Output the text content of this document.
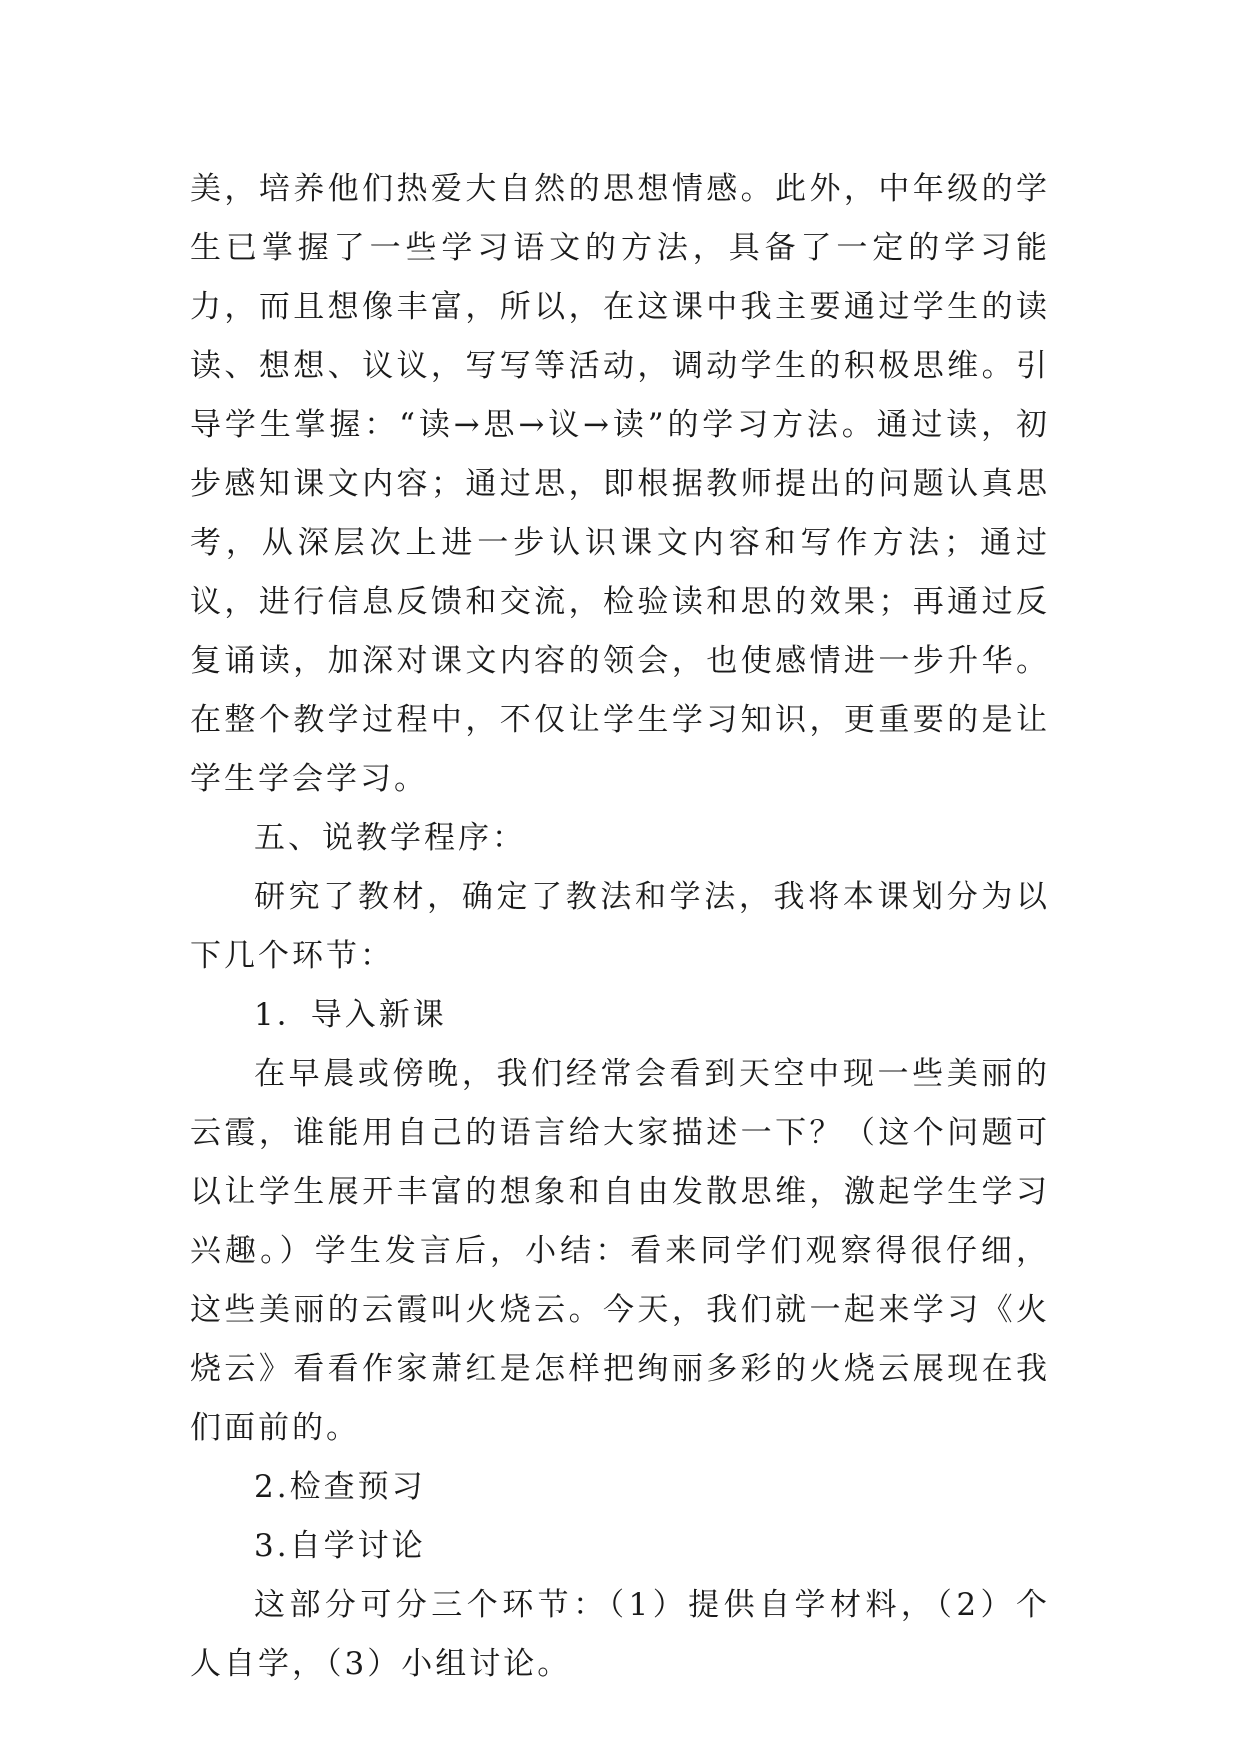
美，培养他们热爱大自然的思想情感。此外，中年级的学生已掌握了一些学习语文的方法，具备了一定的学习能力，而且想像丰富，所以，在这课中我主要通过学生的读读、想想、议议，写写等活动，调动学生的积极思维。引导学生掌握：“读→思→议→读”的学习方法。通过读，初步感知课文内容；通过思，即根据教师提出的问题认真思考，从深层次上进一步认识课文内容和写作方法；通过议，进行信息反馈和交流，检验读和思的效果；再通过反复诵读，加深对课文内容的领会，也使感情进一步升华。在整个教学过程中，不仅让学生学习知识，更重要的是让学生学会学习。

五、说教学程序：

研究了教材，确定了教法和学法，我将本课划分为以下几个环节：

1．导入新课

在早晨或傍晚，我们经常会看到天空中现一些美丽的云霞，谁能用自己的语言给大家描述一下？（这个问题可以让学生展开丰富的想象和自由发散思维，激起学生学习兴趣。）学生发言后，小结：看来同学们观察得很仔细，这些美丽的云霞叫火烧云。今天，我们就一起来学习《火烧云》看看作家萧红是怎样把绚丽多彩的火烧云展现在我们面前的。

2.检查预习

3.自学讨论

这部分可分三个环节：（1）提供自学材料，（2）个人自学，（3）小组讨论。
